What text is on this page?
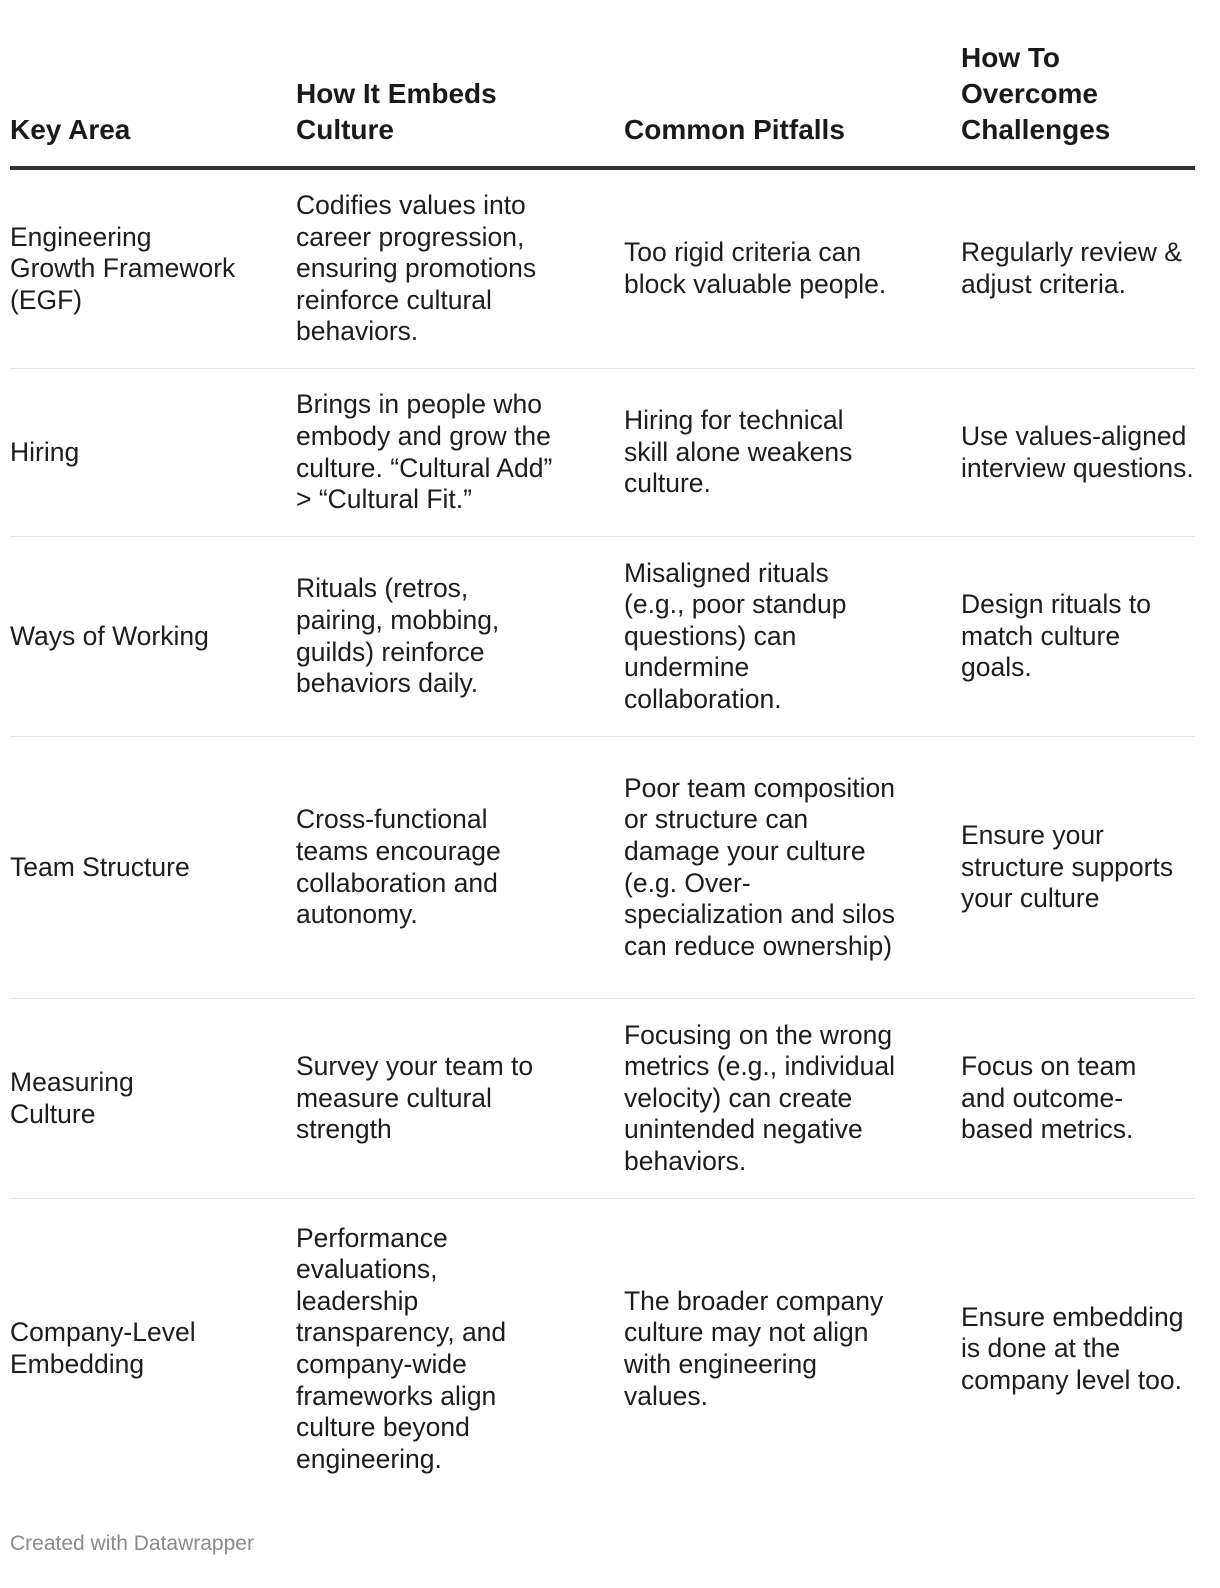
Key Area	How It Embeds Culture	Common Pitfalls	How To Overcome Challenges

Engineering Growth Framework (EGF)	Codifies values into career progression, ensuring promotions reinforce cultural behaviors.	Too rigid criteria can block valuable people.	Regularly review & adjust criteria.

Hiring	Brings in people who embody and grow the culture. “Cultural Add” > “Cultural Fit.”	Hiring for technical skill alone weakens culture.	Use values-aligned interview questions.

Ways of Working	Rituals (retros, pairing, mobbing, guilds) reinforce behaviors daily.	Misaligned rituals (e.g., poor standup questions) can undermine collaboration.	Design rituals to match culture goals.

Team Structure	Cross-functional teams encourage collaboration and autonomy.	Poor team composition or structure can damage your culture (e.g. Over-specialization and silos can reduce ownership)	Ensure your structure supports your culture

Measuring Culture	Survey your team to measure cultural strength	Focusing on the wrong metrics (e.g., individual velocity) can create unintended negative behaviors.	Focus on team and outcome-based metrics.

Company-Level Embedding	Performance evaluations, leadership transparency, and company-wide frameworks align culture beyond engineering.	The broader company culture may not align with engineering values.	Ensure embedding is done at the company level too.
Created with Datawrapper
